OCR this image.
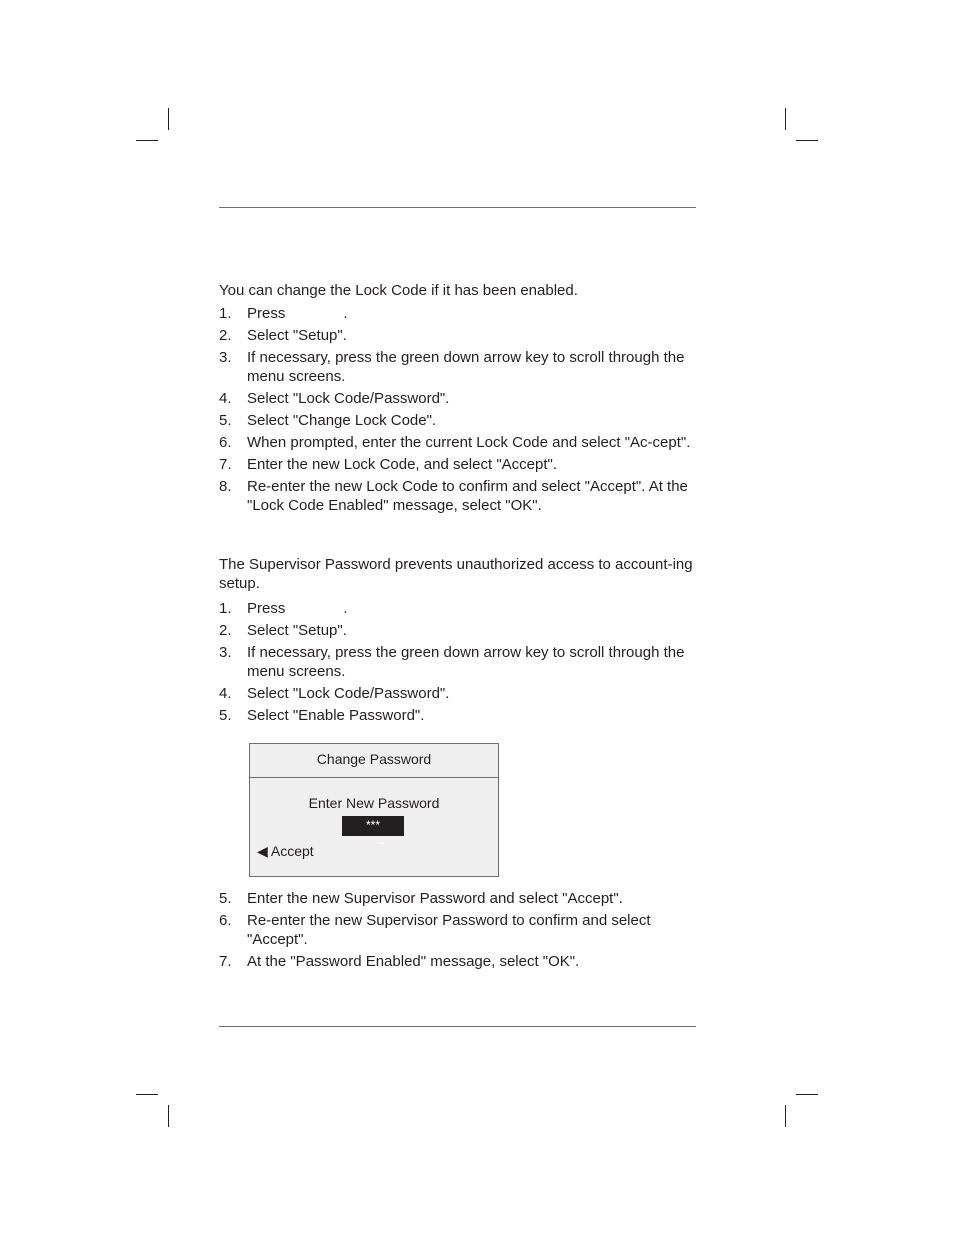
You can change the Lock Code if it has been enabled.

1.	Press	.
2.	Select "Setup".
3.	If necessary, press the green down arrow key to scroll through the menu screens.
4.	Select "Lock Code/Password".
5.	Select "Change Lock Code".
6.	When prompted, enter the current Lock Code and select "Ac-cept".
7.	Enter the new Lock Code, and select "Accept".
8.	Re-enter the new Lock Code to confirm and select "Accept". At the "Lock Code Enabled" message, select "OK".

The Supervisor Password prevents unauthorized access to account-ing setup.

1.	Press	.
2.	Select "Setup".
3.	If necessary, press the green down arrow key to scroll through the menu screens.
4.	Select "Lock Code/Password".
5.	Select "Enable Password".
Change Password
Enter New Password
***
_
◀ Accept
5.	Enter the new Supervisor Password and select "Accept".
6.	Re-enter the new Supervisor Password to confirm and select "Accept".
7.	At the "Password Enabled" message, select "OK".
